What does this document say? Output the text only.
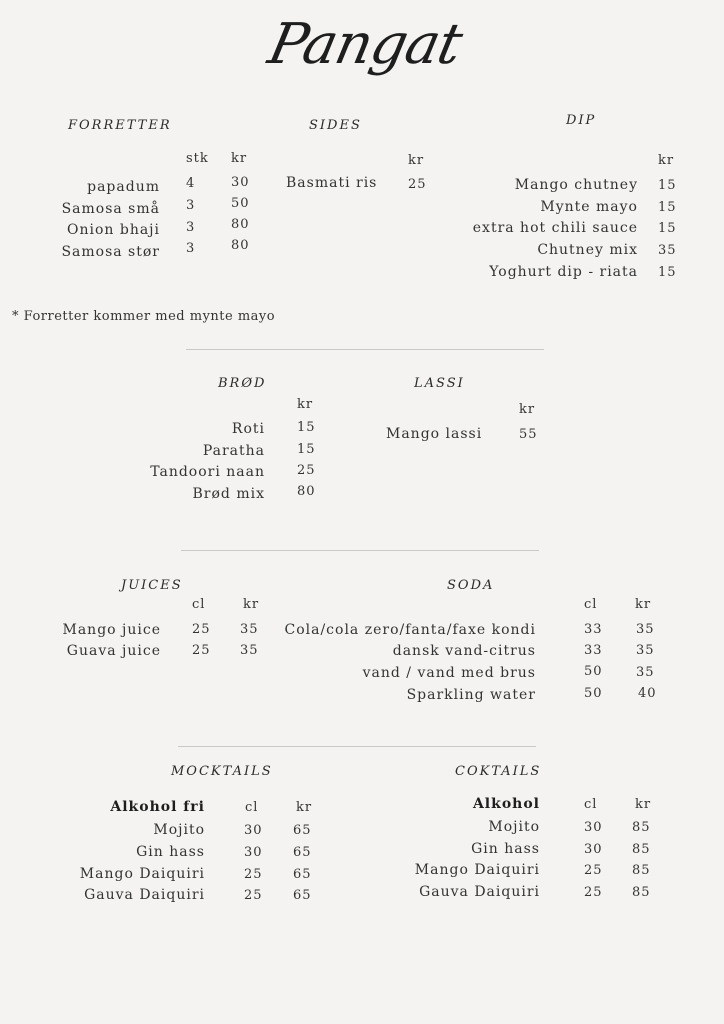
Pangat
FORRETTER
stk kr
papadum 4	30
Samosa små 3	50
Onion bhaji 3	80
Samosa stør 3	80
* Forretter kommer med mynte mayo
SIDES
kr
Basmati ris 25
DIP
kr
Mango chutney 15
Mynte mayo 15
extra hot chili sauce 15
Chutney mix 35
Yoghurt dip - riata 15
BRØD
kr
Roti 15
Paratha 15
Tandoori naan 25
Brød mix 80
LASSI
kr
Mango lassi	55
JUICES
cl	kr
Mango juice 25 35
Guava juice 25 35
SODA
cl	kr
Cola/cola zero/fanta/faxe kondi	33	35
dansk vand-citrus	33	35
vand / vand med brus	50	35
Sparkling water	50	40
MOCKTAILS
Alkohol fri	cl	kr
Mojito	30 65
Gin hass	30 65
Mango Daiquiri	25 65
Gauva Daiquiri	25 65
COKTAILS
Alkohol	cl	kr
Mojito	30 85
Gin hass	30 85
Mango Daiquiri	25 85
Gauva Daiquiri	25 85
